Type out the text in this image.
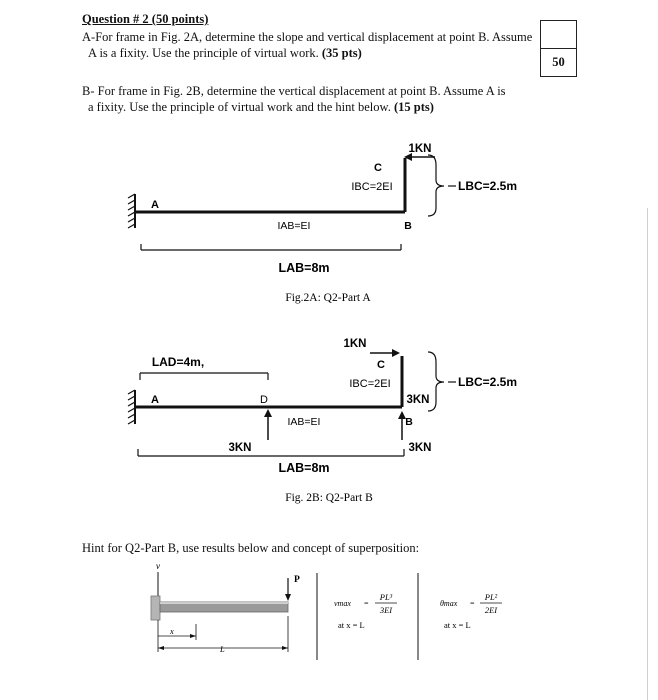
Question # 2 (50 points)
50
A-For frame in Fig. 2A, determine the slope and vertical displacement at point B. Assume
A is a fixity. Use the principle of virtual work. (35 pts)
B- For frame in Fig. 2B, determine the vertical displacement at point B. Assume A is
a fixity. Use the principle of virtual work and the hint below. (15 pts)
1KN
C
IBC=2EI	LBC=2.5m
A
IAB=EI	B
LAB=8m
Fig.2A: Q2-Part A
1KN
LAD=4m,	C
IBC=2EI	LBC=2.5m
A	D	3KN
B
IAB=EI
3KN	3KN
LAB=8m
Fig. 2B: Q2-Part B
Hint for Q2-Part B, use results below and concept of superposition:
v
P
x
L
vmax =
PL³
3EI
at x = L
θmax =
PL²
2EI
at x = L
